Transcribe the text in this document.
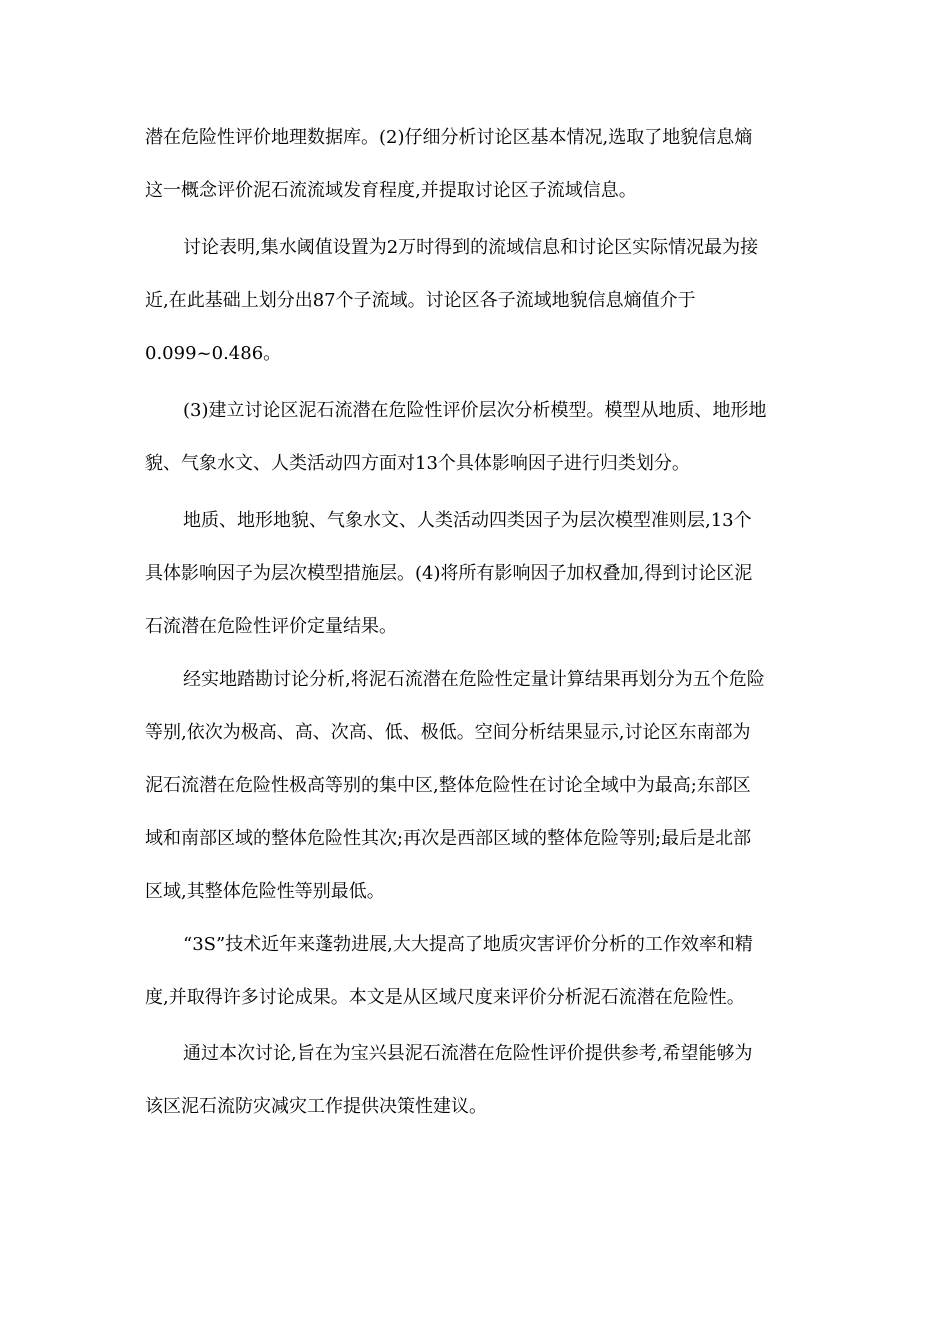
潜在危险性评价地理数据库。(2)仔细分析讨论区基本情况,选取了地貌信息熵
这一概念评价泥石流流域发育程度,并提取讨论区子流域信息。
讨论表明,集水阈值设置为2万时得到的流域信息和讨论区实际情况最为接
近,在此基础上划分出87个子流域。讨论区各子流域地貌信息熵值介于
0.099~0.486。
(3)建立讨论区泥石流潜在危险性评价层次分析模型。模型从地质、地形地
貌、气象水文、人类活动四方面对13个具体影响因子进行归类划分。
地质、地形地貌、气象水文、人类活动四类因子为层次模型准则层,13个
具体影响因子为层次模型措施层。(4)将所有影响因子加权叠加,得到讨论区泥
石流潜在危险性评价定量结果。
经实地踏勘讨论分析,将泥石流潜在危险性定量计算结果再划分为五个危险
等别,依次为极高、高、次高、低、极低。空间分析结果显示,讨论区东南部为
泥石流潜在危险性极高等别的集中区,整体危险性在讨论全域中为最高;东部区
域和南部区域的整体危险性其次;再次是西部区域的整体危险等别;最后是北部
区域,其整体危险性等别最低。
“3S”技术近年来蓬勃进展,大大提高了地质灾害评价分析的工作效率和精
度,并取得许多讨论成果。本文是从区域尺度来评价分析泥石流潜在危险性。
通过本次讨论,旨在为宝兴县泥石流潜在危险性评价提供参考,希望能够为
该区泥石流防灾减灾工作提供决策性建议。
